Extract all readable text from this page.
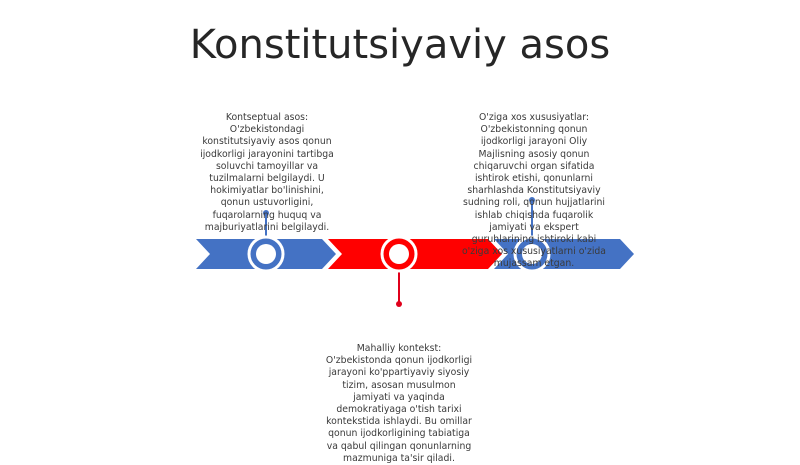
Konstitutsiyaviy asos
Kontseptual asos: O'zbekistondagi konstitutsiyaviy asos qonun ijodkorligi jarayonini tartibga soluvchi tamoyillar va tuzilmalarni belgilaydi. U hokimiyatlar bo'linishini, qonun ustuvorligini, fuqarolarning huquq va majburiyatlarini belgilaydi.
O'ziga xos xususiyatlar: O'zbekistonning qonun ijodkorligi jarayoni Oliy Majlisning asosiy qonun chiqaruvchi organ sifatida ishtirok etishi, qonunlarni sharhlashda Konstitutsiyaviy sudning roli, qonun hujjatlarini ishlab chiqishda fuqarolik jamiyati va ekspert guruhlarining ishtiroki kabi o'ziga xos xususiyatlarni o'zida mujassam etgan.
Mahalliy kontekst: O'zbekistonda qonun ijodkorligi jarayoni ko'ppartiyaviy siyosiy tizim, asosan musulmon jamiyati va yaqinda demokratiyaga o'tish tarixi kontekstida ishlaydi. Bu omillar qonun ijodkorligining tabiatiga va qabul qilingan qonunlarning mazmuniga ta'sir qiladi.
